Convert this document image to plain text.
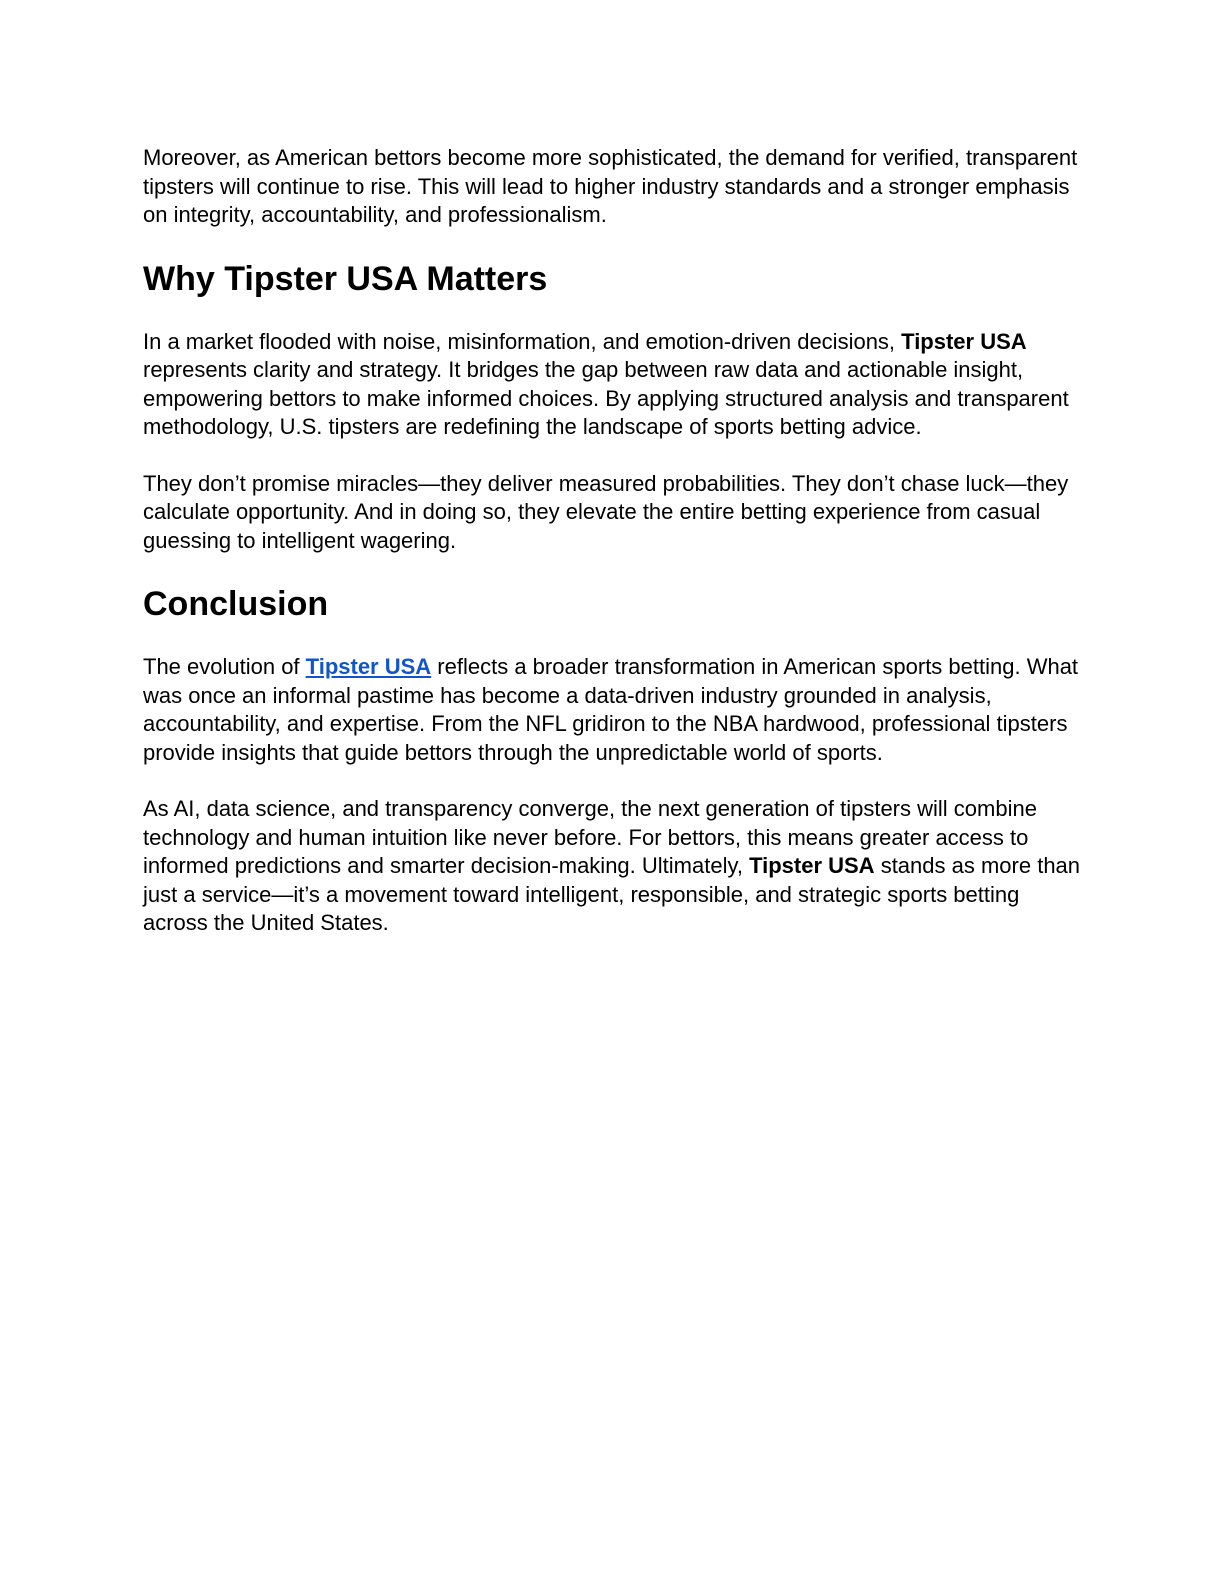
Moreover, as American bettors become more sophisticated, the demand for verified, transparent tipsters will continue to rise. This will lead to higher industry standards and a stronger emphasis on integrity, accountability, and professionalism.

Why Tipster USA Matters

In a market flooded with noise, misinformation, and emotion-driven decisions, Tipster USA represents clarity and strategy. It bridges the gap between raw data and actionable insight, empowering bettors to make informed choices. By applying structured analysis and transparent methodology, U.S. tipsters are redefining the landscape of sports betting advice.

They don’t promise miracles—they deliver measured probabilities. They don’t chase luck—they calculate opportunity. And in doing so, they elevate the entire betting experience from casual guessing to intelligent wagering.

Conclusion

The evolution of Tipster USA reflects a broader transformation in American sports betting. What was once an informal pastime has become a data-driven industry grounded in analysis, accountability, and expertise. From the NFL gridiron to the NBA hardwood, professional tipsters provide insights that guide bettors through the unpredictable world of sports.

As AI, data science, and transparency converge, the next generation of tipsters will combine technology and human intuition like never before. For bettors, this means greater access to informed predictions and smarter decision-making. Ultimately, Tipster USA stands as more than just a service—it’s a movement toward intelligent, responsible, and strategic sports betting across the United States.
